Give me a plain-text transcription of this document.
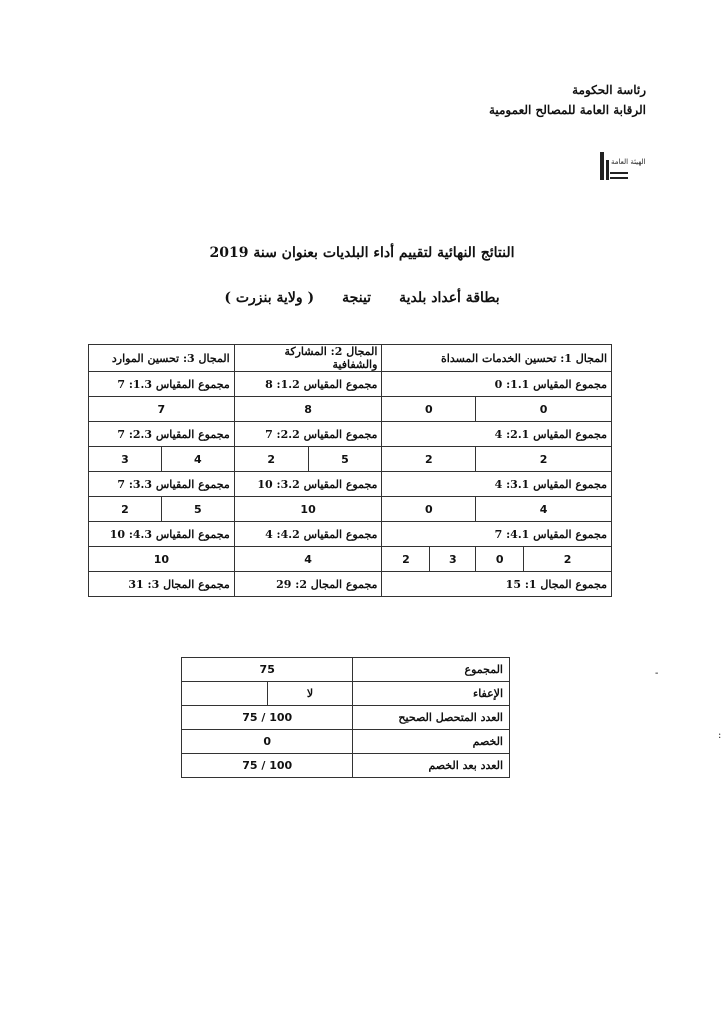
رئاسة الحكومة
الرقابة العامة للمصالح العمومية
الهيئة العامة
النتائج النهائية لتقييم أداء البلديات بعنوان سنة 2019
بطاقة أعداد بلدية
تينجة
( ولاية بنزرت )
المجال 3: تحسين الموارد		المجال 2: المشاركة والشفافية		المجال 1: تحسين الخدمات المسداة			
مجموع المقياس 1.3: 7		مجموع المقياس 1.2: 8		مجموع المقياس 1.1: 0			
7		8		0		0	
مجموع المقياس 2.3: 7		مجموع المقياس 2.2: 7		مجموع المقياس 2.1: 4			
3	4	2	5	2		2	
مجموع المقياس 3.3: 7		مجموع المقياس 3.2: 10		مجموع المقياس 3.1: 4			
2	5	10		0		4	
مجموع المقياس 4.3: 10		مجموع المقياس 4.2: 4		مجموع المقياس 4.1: 7			
10		4		2	3	0	2
مجموع المجال 3: 31		مجموع المجال 2: 29		مجموع المجال 1: 15			
75		المجموع
	لا	الإعفاء
100 / 75		العدد المتحصل الصحيح
0		الخصم
100 / 75		العدد بعد الخصم
-
:
